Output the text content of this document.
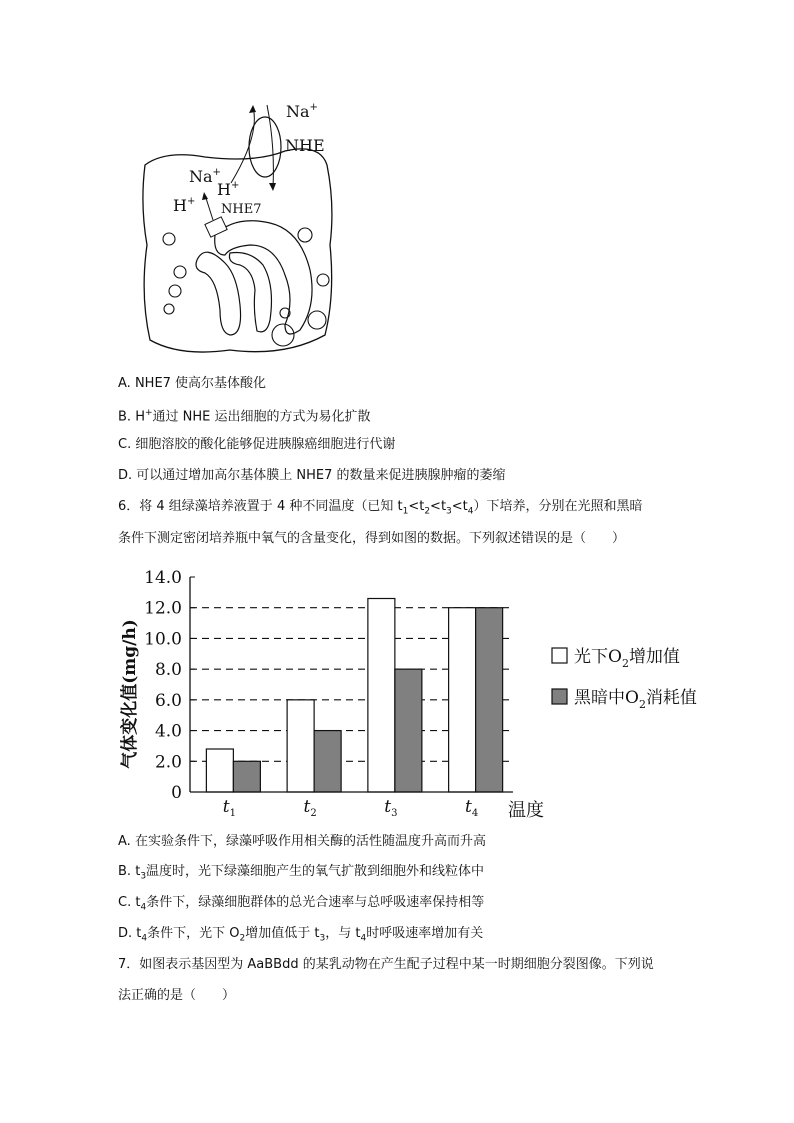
Na+
NHE
Na+
H+
H+
NHE7
A. NHE7 使高尔基体酸化
B. H+通过 NHE 运出细胞的方式为易化扩散
C. 细胞溶胶的酸化能够促进胰腺癌细胞进行代谢
D. 可以通过增加高尔基体膜上 NHE7 的数量来促进胰腺肿瘤的萎缩
6．将 4 组绿藻培养液置于 4 种不同温度（已知 $t_1<t_2<t_3<t_4$）下培养，分别在光照和黑暗
条件下测定密闭培养瓶中氧气的含量变化，得到如图的数据。下列叙述错误的是（　　）
0
2.0
4.0
6.0
8.0
10.0
12.0
14.0
$t_1$	$t_2$	$t_3$	$t_4$
气体变化值(mg/h)
温度
光下$O_2$增加值
黑暗中$O_2$消耗值
A. 在实验条件下，绿藻呼吸作用相关酶的活性随温度升高而升高
B. $t_3$温度时，光下绿藻细胞产生的氧气扩散到细胞外和线粒体中
C. $t_4$条件下，绿藻细胞群体的总光合速率与总呼吸速率保持相等
D. $t_4$条件下，光下 $O_2$增加值低于 $t_3$，与 $t_4$时呼吸速率增加有关
7．如图表示基因型为 AaBBdd 的某乳动物在产生配子过程中某一时期细胞分裂图像。下列说
法正确的是（　　）
